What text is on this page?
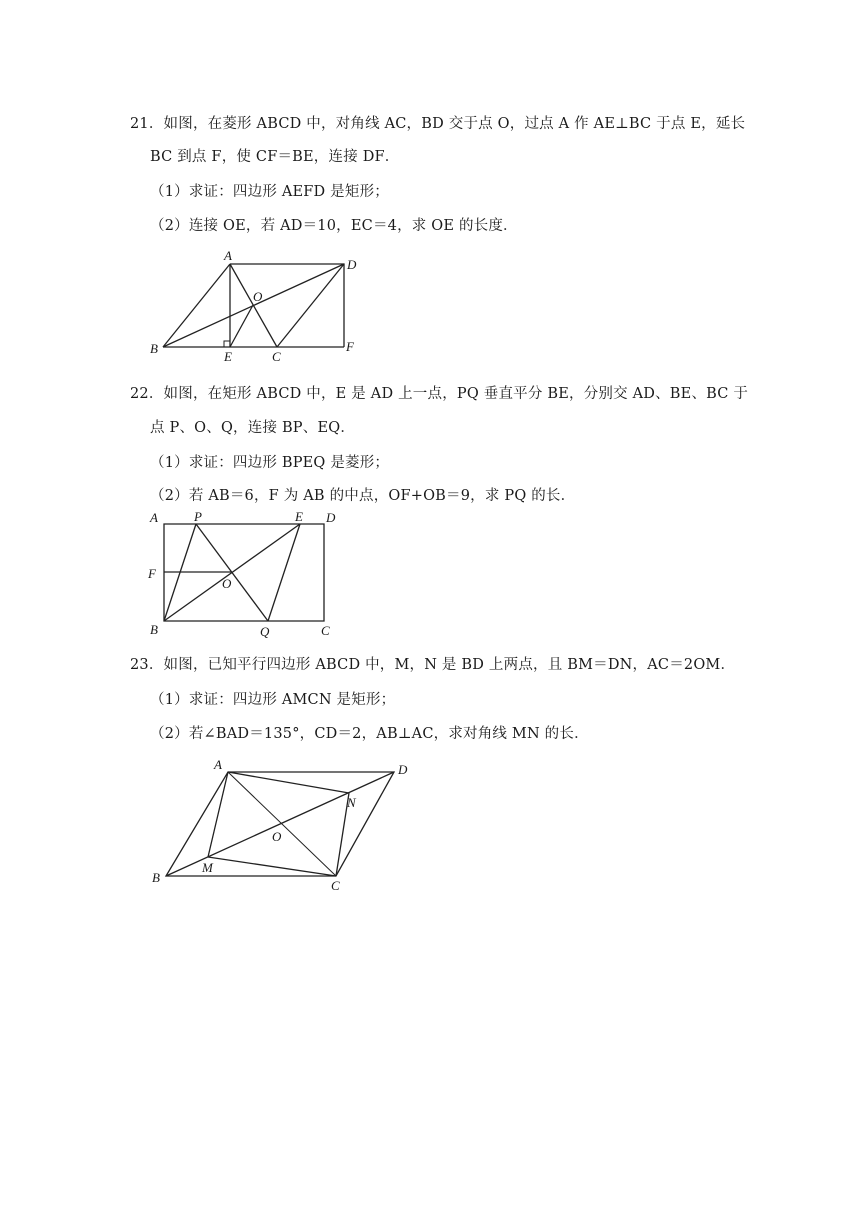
21．如图，在菱形 ABCD 中，对角线 AC，BD 交于点 O，过点 A 作 AE⊥BC 于点 E，延长
BC 到点 F，使 CF＝BE，连接 DF．
（1）求证：四边形 AEFD 是矩形；
（2）连接 OE，若 AD＝10，EC＝4，求 OE 的长度．
A
B
C
D
E
F
O
22．如图，在矩形 ABCD 中，E 是 AD 上一点，PQ 垂直平分 BE，分别交 AD、BE、BC 于
点 P、O、Q，连接 BP、EQ．
（1）求证：四边形 BPEQ 是菱形；
（2）若 AB＝6，F 为 AB 的中点，OF+OB＝9，求 PQ 的长．
A	P	E D
F
O
B	Q	C
23．如图，已知平行四边形 ABCD 中，M，N 是 BD 上两点，且 BM＝DN，AC＝2OM．
（1）求证：四边形 AMCN 是矩形；
（2）若∠BAD＝135°，CD＝2，AB⊥AC，求对角线 MN 的长．
A	D
N
O
M
B
C
